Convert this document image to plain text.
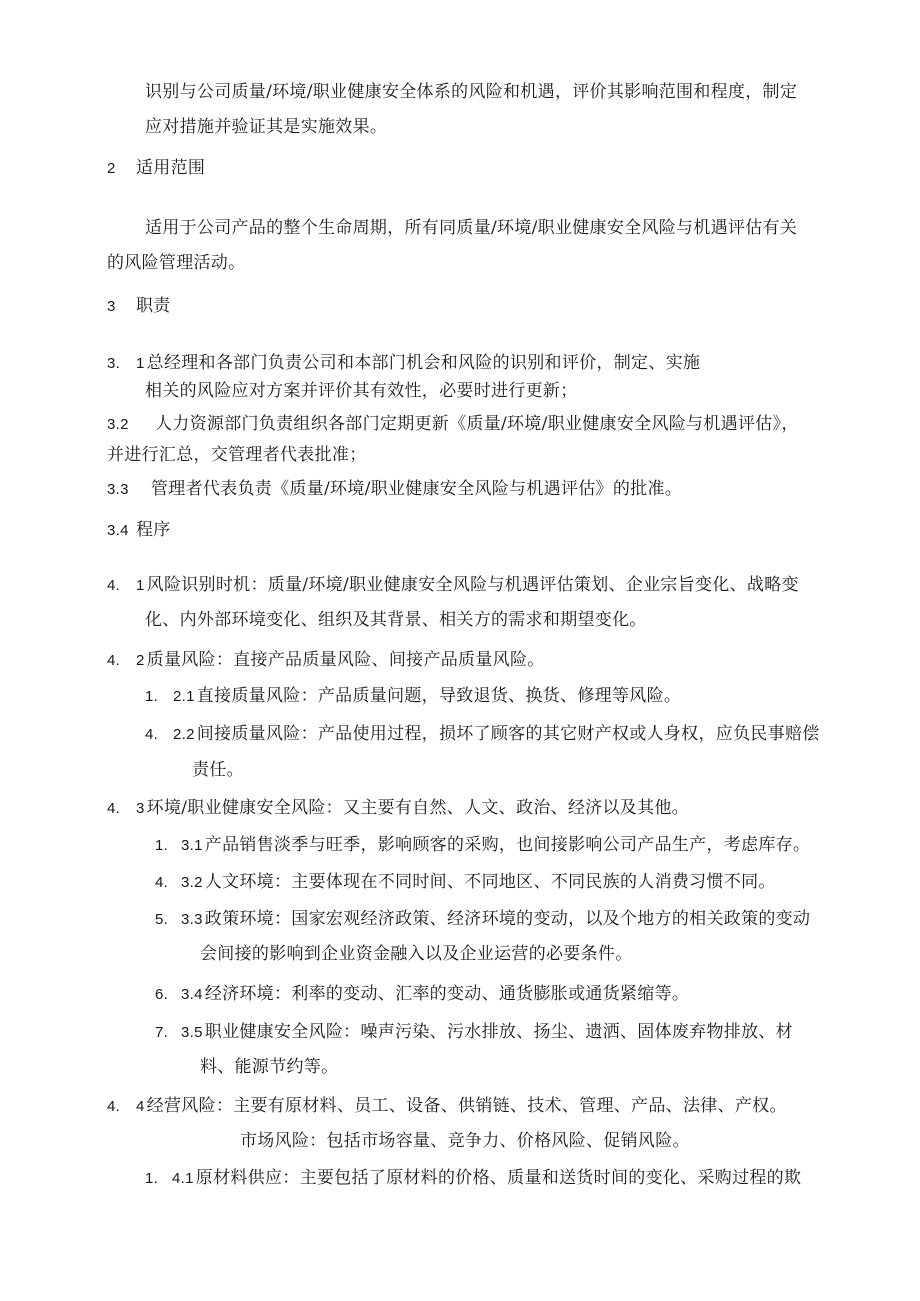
识别与公司质量/环境/职业健康安全体系的风险和机遇，评价其影响范围和程度，制定
应对措施并验证其是实施效果。
2 适用范围
适用于公司产品的整个生命周期，所有同质量/环境/职业健康安全风险与机遇评估有关
的风险管理活动。
3 职责
3. 1 总经理和各部门负责公司和本部门机会和风险的识别和评价，制定、实施
相关的风险应对方案并评价其有效性，必要时进行更新；
3.2 人力资源部门负责组织各部门定期更新《质量/环境/职业健康安全风险与机遇评估》，
并进行汇总，交管理者代表批准；
3.3 管理者代表负责《质量/环境/职业健康安全风险与机遇评估》的批准。
3.4 程序
4. 1 风险识别时机：质量/环境/职业健康安全风险与机遇评估策划、企业宗旨变化、战略变
化、内外部环境变化、组织及其背景、相关方的需求和期望变化。
4. 2 质量风险：直接产品质量风险、间接产品质量风险。
1. 2.1 直接质量风险：产品质量问题，导致退货、换货、修理等风险。
4. 2.2 间接质量风险：产品使用过程，损坏了顾客的其它财产权或人身权，应负民事赔偿
责任。
4. 3 环境/职业健康安全风险：又主要有自然、人文、政治、经济以及其他。
1. 3.1 产品销售淡季与旺季，影响顾客的采购，也间接影响公司产品生产，考虑库存。
4. 3.2 人文环境：主要体现在不同时间、不同地区、不同民族的人消费习惯不同。
5. 3.3 政策环境：国家宏观经济政策、经济环境的变动，以及个地方的相关政策的变动
会间接的影响到企业资金融入以及企业运营的必要条件。
6. 3.4 经济环境：利率的变动、汇率的变动、通货膨胀或通货紧缩等。
7. 3.5 职业健康安全风险：噪声污染、污水排放、扬尘、遗洒、固体废弃物排放、材
料、能源节约等。
4. 4 经营风险：主要有原材料、员工、设备、供销链、技术、管理、产品、法律、产权。
市场风险：包括市场容量、竞争力、价格风险、促销风险。
1. 4.1 原材料供应：主要包括了原材料的价格、质量和送货时间的变化、采购过程的欺
